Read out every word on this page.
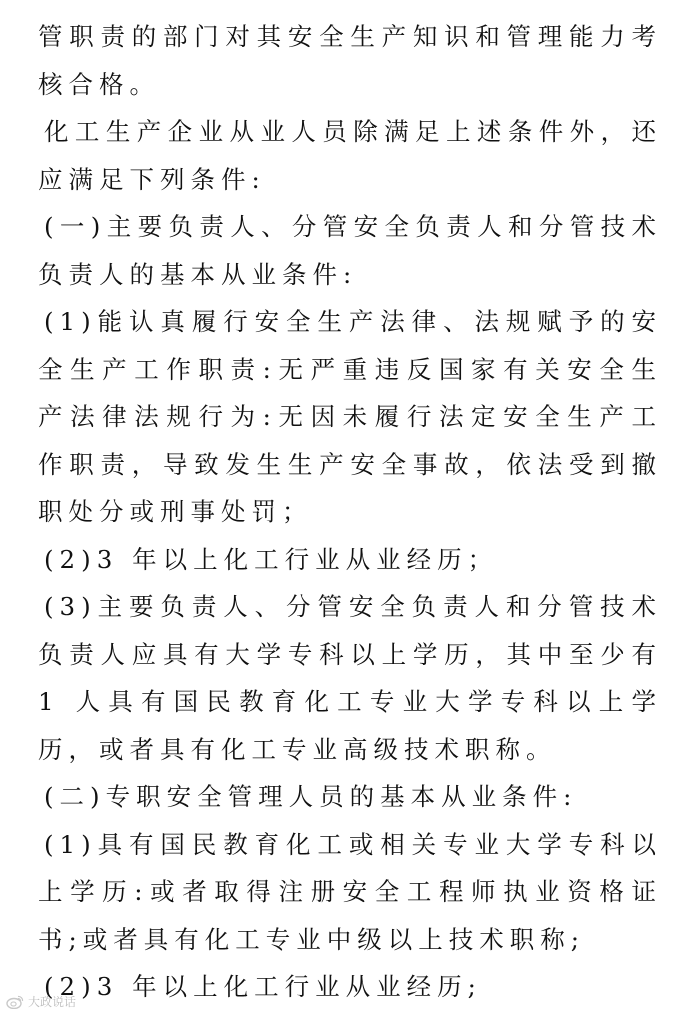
管职责的部门对其安全生产知识和管理能力考核合格。

化工生产企业从业人员除满足上述条件外，还应满足下列条件:

(一)主要负责人、分管安全负责人和分管技术负责人的基本从业条件:

(1)能认真履行安全生产法律、法规赋予的安全生产工作职责:无严重违反国家有关安全生产法律法规行为:无因未履行法定安全生产工作职责，导致发生生产安全事故，依法受到撤职处分或刑事处罚；

(2)3 年以上化工行业从业经历；

(3)主要负责人、分管安全负责人和分管技术负责人应具有大学专科以上学历，其中至少有 1 人具有国民教育化工专业大学专科以上学历，或者具有化工专业高级技术职称。

(二)专职安全管理人员的基本从业条件:

(1)具有国民教育化工或相关专业大学专科以上学历:或者取得注册安全工程师执业资格证书;或者具有化工专业中级以上技术职称;

(2)3 年以上化工行业从业经历;

大政说话
